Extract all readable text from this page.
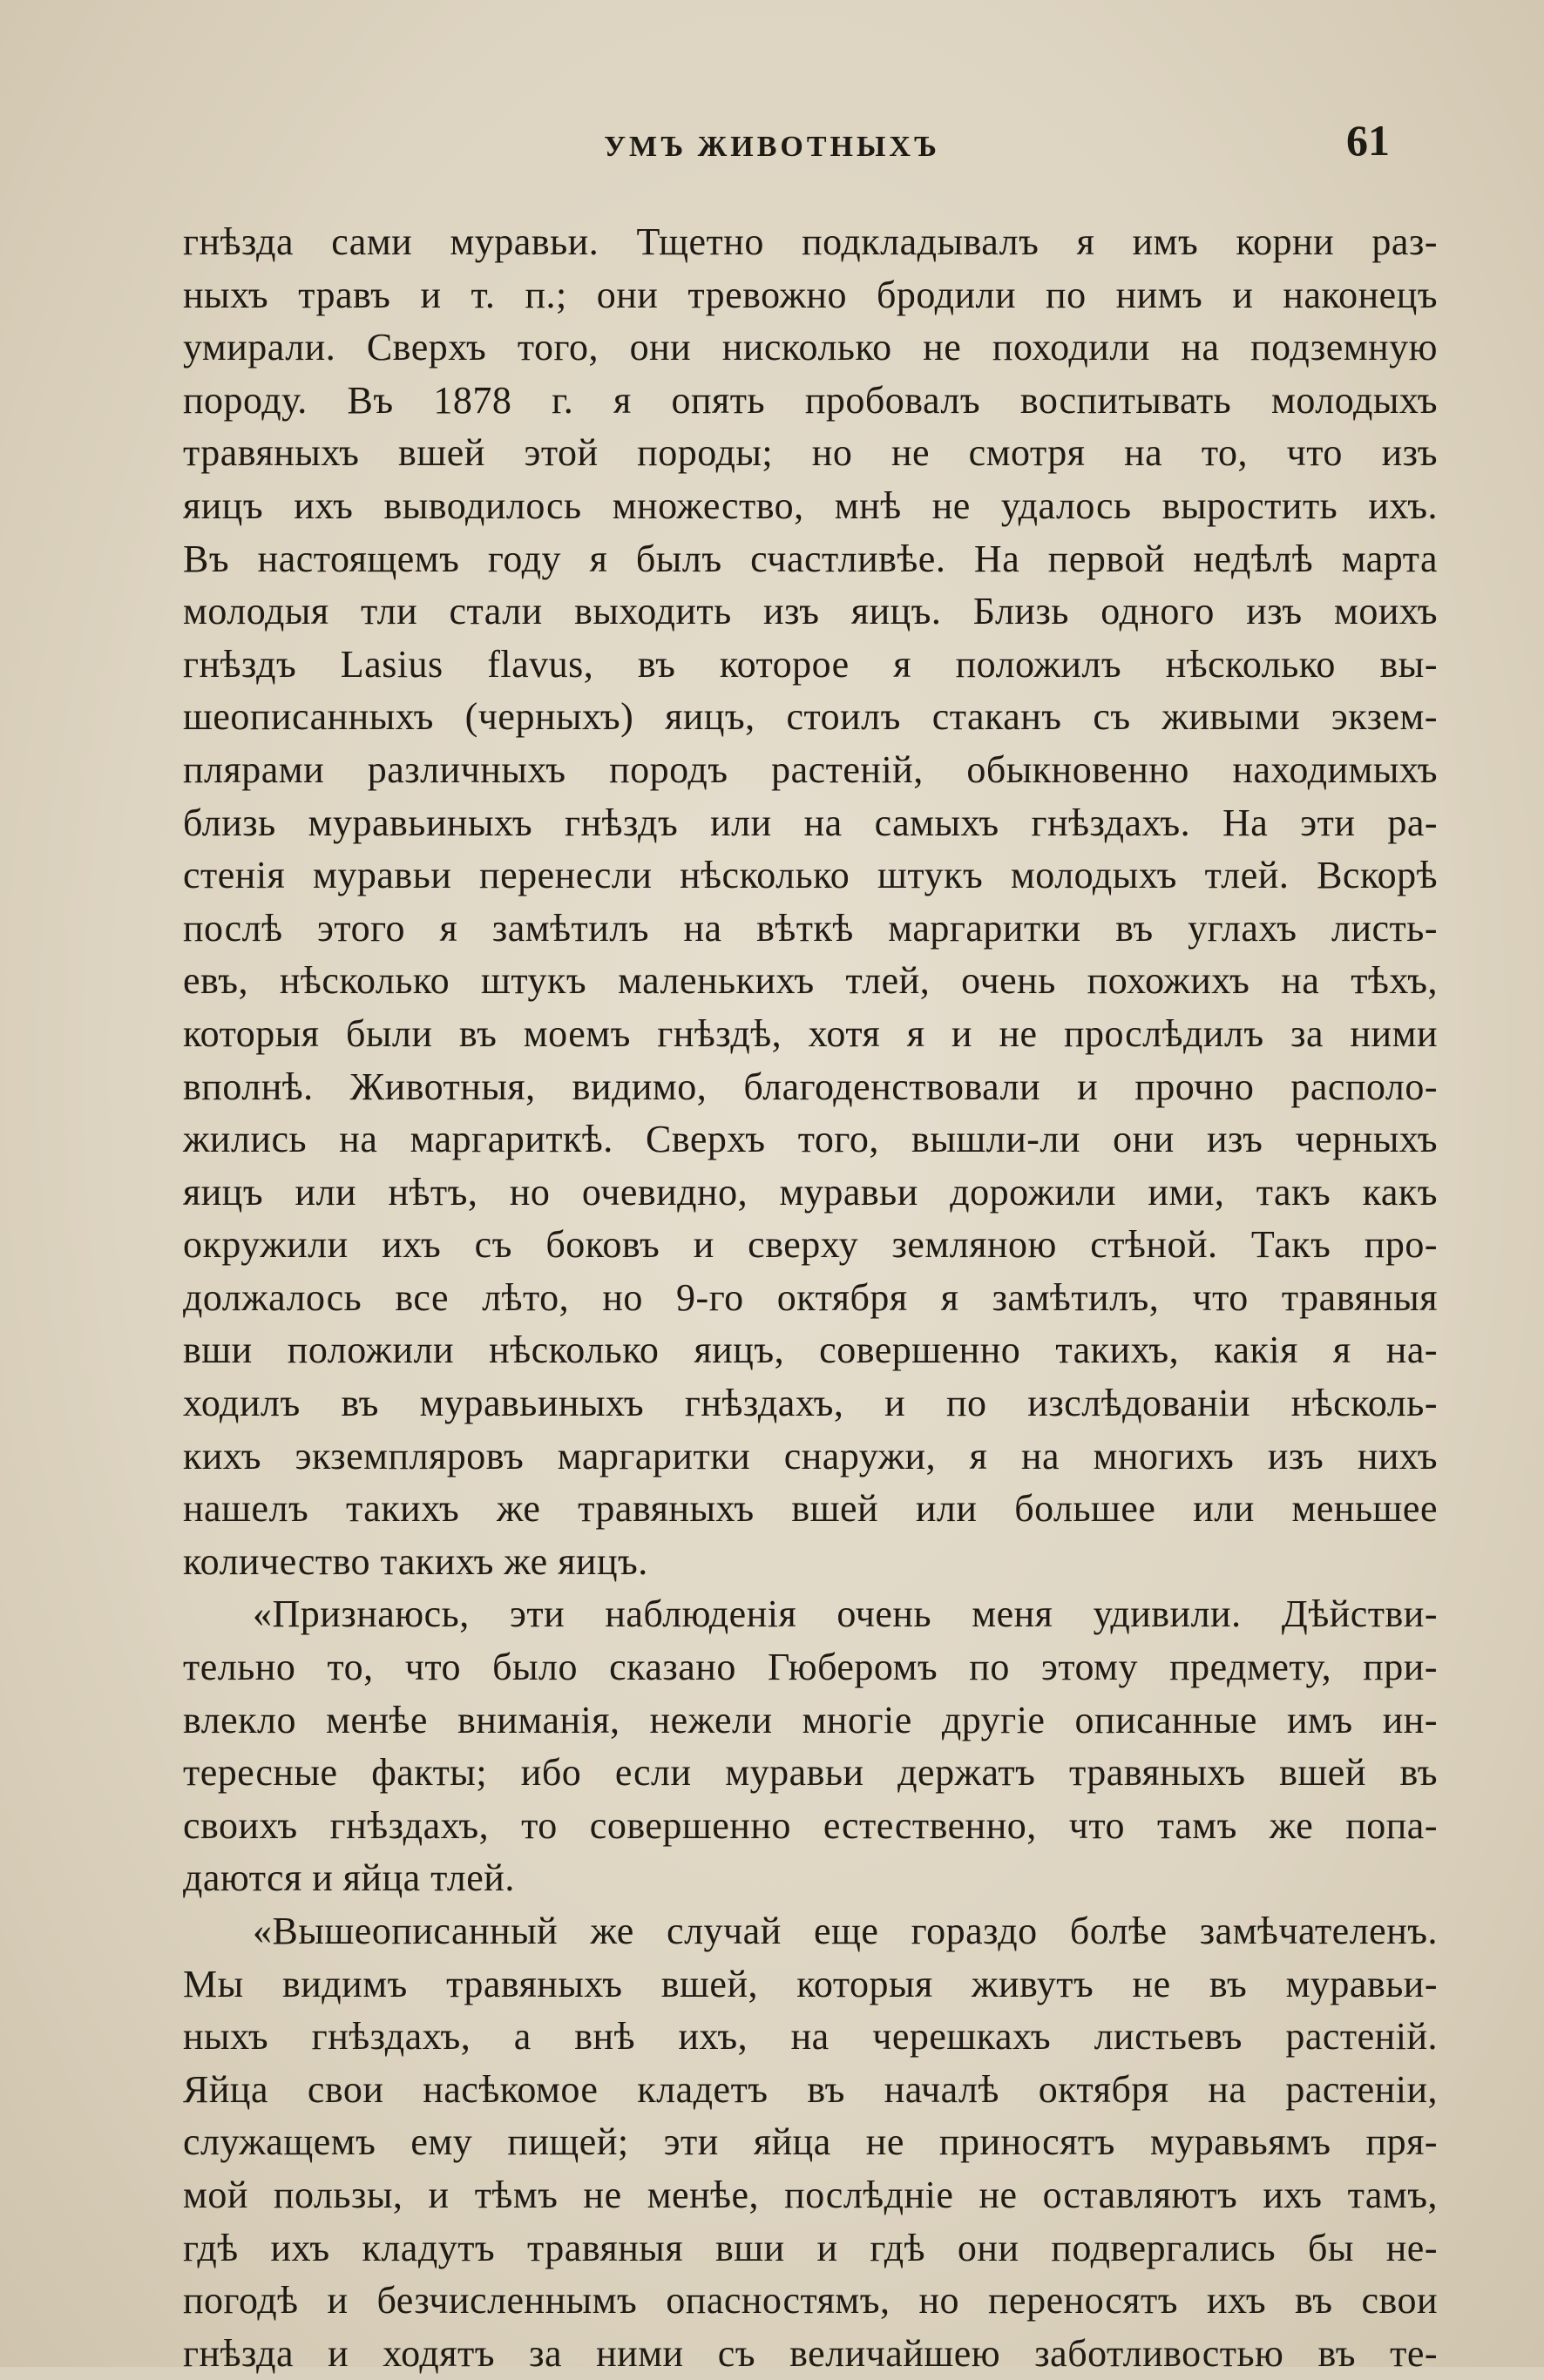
УМЪ ЖИВОТНЫХЪ	61
гнѣзда сами муравьи. Тщетно подкладывалъ я имъ корни раз-
ныхъ травъ и т. п.; они тревожно бродили по нимъ и наконецъ
умирали. Сверхъ того, они нисколько не походили на подземную
породу. Въ 1878 г. я опять пробовалъ воспитывать молодыхъ
травяныхъ вшей этой породы; но не смотря на то, что изъ
яицъ ихъ выводилось множество, мнѣ не удалось выростить ихъ.
Въ настоящемъ году я былъ счастливѣе. На первой недѣлѣ марта
молодыя тли стали выходить изъ яицъ. Близь одного изъ моихъ
гнѣздъ Lasius flavus, въ которое я положилъ нѣсколько вы-
шеописанныхъ (черныхъ) яицъ, стоилъ стаканъ съ живыми экзем-
плярами различныхъ породъ растеній, обыкновенно находимыхъ
близь муравьиныхъ гнѣздъ или на самыхъ гнѣздахъ. На эти ра-
стенія муравьи перенесли нѣсколько штукъ молодыхъ тлей. Вскорѣ
послѣ этого я замѣтилъ на вѣткѣ маргаритки въ углахъ листь-
евъ, нѣсколько штукъ маленькихъ тлей, очень похожихъ на тѣхъ,
которыя были въ моемъ гнѣздѣ, хотя я и не прослѣдилъ за ними
вполнѣ. Животныя, видимо, благоденствовали и прочно располо-
жились на маргариткѣ. Сверхъ того, вышли-ли они изъ черныхъ
яицъ или нѣтъ, но очевидно, муравьи дорожили ими, такъ какъ
окружили ихъ съ боковъ и сверху земляною стѣной. Такъ про-
должалось все лѣто, но 9-го октября я замѣтилъ, что травяныя
вши положили нѣсколько яицъ, совершенно такихъ, какія я на-
ходилъ въ муравьиныхъ гнѣздахъ, и по изслѣдованіи нѣсколь-
кихъ экземпляровъ маргаритки снаружи, я на многихъ изъ нихъ
нашелъ такихъ же травяныхъ вшей или большее или меньшее
количество такихъ же яицъ.
«Признаюсь, эти наблюденія очень меня удивили. Дѣйстви-
тельно то, что было сказано Гюберомъ по этому предмету, при-
влекло менѣе вниманія, нежели многіе другіе описанные имъ ин-
тересные факты; ибо если муравьи держатъ травяныхъ вшей въ
своихъ гнѣздахъ, то совершенно естественно, что тамъ же попа-
даются и яйца тлей.
«Вышеописанный же случай еще гораздо болѣе замѣчателенъ.
Мы видимъ травяныхъ вшей, которыя живутъ не въ муравьи-
ныхъ гнѣздахъ, а внѣ ихъ, на черешкахъ листьевъ растеній.
Яйца свои насѣкомое кладетъ въ началѣ октября на растеніи,
служащемъ ему пищей; эти яйца не приносятъ муравьямъ пря-
мой пользы, и тѣмъ не менѣе, послѣдніе не оставляютъ ихъ тамъ,
гдѣ ихъ кладутъ травяныя вши и гдѣ они подвергались бы не-
погодѣ и безчисленнымъ опасностямъ, но переносятъ ихъ въ свои
гнѣзда и ходятъ за ними съ величайшею заботливостью въ те-
